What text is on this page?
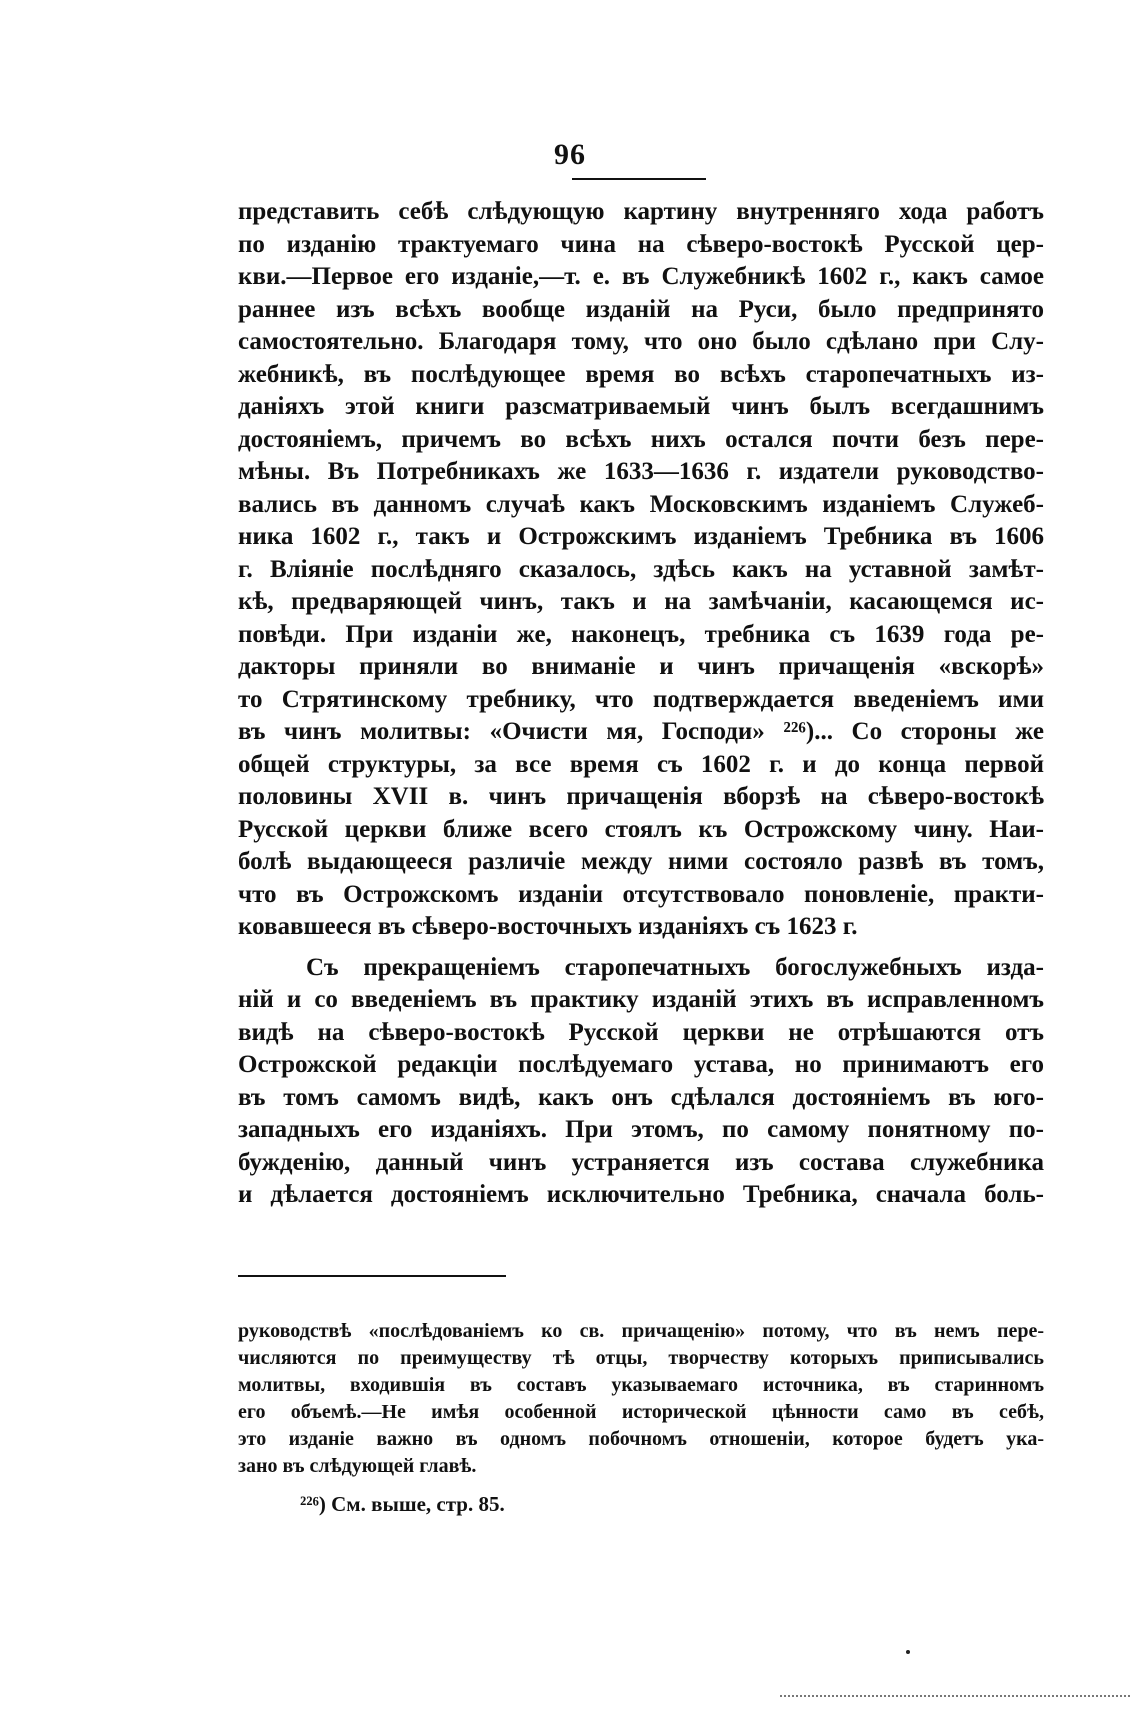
96
представить себѣ слѣдующую картину внутренняго хода работъ
по изданію трактуемаго чина на сѣверо-востокѣ Русской цер-
кви.—Первое его изданіе,—т. е. въ Служебникѣ 1602 г., какъ самое
раннее изъ всѣхъ вообще изданій на Руси, было предпринято
самостоятельно. Благодаря тому, что оно было сдѣлано при Слу-
жебникѣ, въ послѣдующее время во всѣхъ старопечатныхъ из-
даніяхъ этой книги разсматриваемый чинъ былъ всегдашнимъ
достояніемъ, причемъ во всѣхъ нихъ остался почти безъ пере-
мѣны. Въ Потребникахъ же 1633—1636 г. издатели руководство-
вались въ данномъ случаѣ какъ Московскимъ изданіемъ Служеб-
ника 1602 г., такъ и Острожскимъ изданіемъ Требника въ 1606
г. Вліяніе послѣдняго сказалось, здѣсь какъ на уставной замѣт-
кѣ, предваряющей чинъ, такъ и на замѣчаніи, касающемся ис-
повѣди. При изданіи же, наконецъ, требника съ 1639 года ре-
дакторы приняли во вниманіе и чинъ причащенія «вскорѣ»
то Стрятинскому требнику, что подтверждается введеніемъ ими
въ чинъ молитвы: «Очисти мя, Господи» ²²⁶)... Со стороны же
общей структуры, за все время съ 1602 г. и до конца первой
половины XVII в. чинъ причащенія вборзѣ на сѣверо-востокѣ
Русской церкви ближе всего стоялъ къ Острожскому чину. Наи-
болѣ выдающееся различіе между ними состояло развѣ въ томъ,
что въ Острожскомъ изданіи отсутствовало поновленіе, практи-
ковавшееся въ сѣверо-восточныхъ изданіяхъ съ 1623 г.
Съ прекращеніемъ старопечатныхъ богослужебныхъ изда-
ній и со введеніемъ въ практику изданій этихъ въ исправленномъ
видѣ на сѣверо-востокѣ Русской церкви не отрѣшаются отъ
Острожской редакціи послѣдуемаго устава, но принимаютъ его
въ томъ самомъ видѣ, какъ онъ сдѣлался достояніемъ въ юго-
западныхъ его изданіяхъ. При этомъ, по самому понятному по-
бужденію, данный чинъ устраняется изъ состава служебника
и дѣлается достояніемъ исключительно Требника, сначала боль-
руководствѣ «послѣдованіемъ ко св. причащенію» потому, что въ немъ пере-
числяются по преимуществу тѣ отцы, творчеству которыхъ приписывались
молитвы, входившія въ составъ указываемаго источника, въ старинномъ
его объемѣ.—Не имѣя особенной исторической цѣнности само въ себѣ,
это изданіе важно въ одномъ побочномъ отношеніи, которое будетъ ука-
зано въ слѣдующей главѣ.
²²⁶) См. выше, стр. 85.
